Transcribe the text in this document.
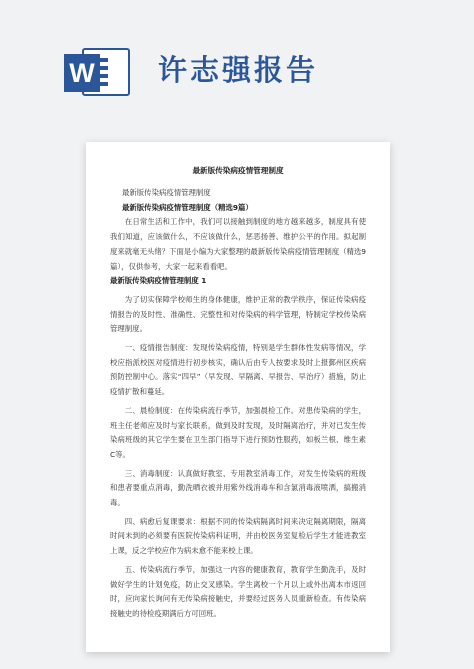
W 许志强报告

最新版传染病疫情管理制度

最新版传染病疫情管理制度

最新版传染病疫情管理制度（精选9篇）

在日常生活和工作中，我们可以接触到制度的地方越来越多，制度具有使我们知道，应该做什么，不应该做什么，惩恶扬善、维护公平的作用。拟起制度来就毫无头绪？下面是小编为大家整理的最新版传染病疫情管理制度（精选9篇），仅供参考，大家一起来看看吧。

最新版传染病疫情管理制度 1

为了切实保障学校师生的身体健康，维护正常的教学秩序，保证传染病疫情报告的及时性、准确性、完整性和对传染病的科学管理，特制定学校传染病管理制度。

一、疫情报告制度：发现传染病疫情，特别是学生群体性发病等情况，学校应指派校医对疫情进行初步核实，确认后由专人按要求及时上报鄞州区疾病预防控制中心。落实“四早”（早发现、早隔离、早报告、早治疗）措施，防止疫情扩散和蔓延。

二、晨检制度：在传染病流行季节，加强晨检工作。对患传染病的学生，班主任老师应及时与家长联系，做到及时发现，及时隔离治疗，并对已发生传染病班级的其它学生要在卫生部门指导下进行预防性服药，如板兰根、维生素C等。

三、消毒制度：认真做好教室、专用教室消毒工作，对发生传染病的班级和患者要重点消毒，勤洗晒衣被并用紫外线消毒车和含氯消毒液喷洒，搞搬消毒。

四、病愈后复课要求：根据不同的传染病隔离时间来决定隔离期限，隔离时间未到的必须要有医院传染病科证明，并由校医务室复检后学生才能进教室上课，反之学校应作为病未愈不能来校上课。

五、传染病流行季节，加强这一内容的健康教育，教育学生勤洗手，及时做好学生的计划免疫，防止交叉感染。学生离校一个月以上或外出离本市返回时，应向家长询问有无传染病接触史，并要经过医务人员重新检查。有传染病接触史的待检疫期满后方可回班。
